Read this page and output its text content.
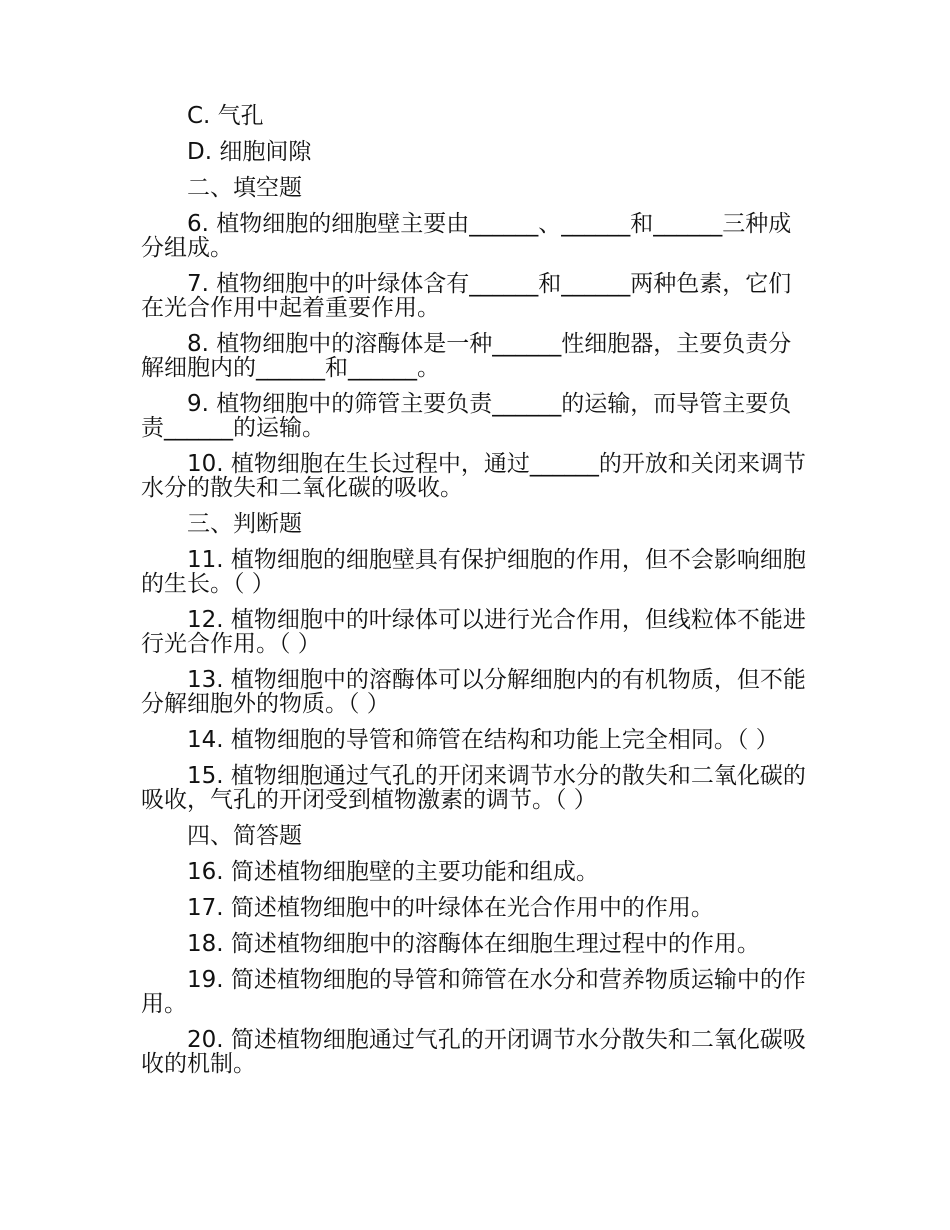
C. 气孔

D. 细胞间隙

二、填空题

6. 植物细胞的细胞壁主要由______、______和______三种成分组成。

7. 植物细胞中的叶绿体含有______和______两种色素，它们在光合作用中起着重要作用。

8. 植物细胞中的溶酶体是一种______性细胞器，主要负责分解细胞内的______和______。

9. 植物细胞中的筛管主要负责______的运输，而导管主要负责______的运输。

10. 植物细胞在生长过程中，通过______的开放和关闭来调节水分的散失和二氧化碳的吸收。

三、判断题

11. 植物细胞的细胞壁具有保护细胞的作用，但不会影响细胞的生长。（ ）

12. 植物细胞中的叶绿体可以进行光合作用，但线粒体不能进行光合作用。（ ）

13. 植物细胞中的溶酶体可以分解细胞内的有机物质，但不能分解细胞外的物质。（ ）

14. 植物细胞的导管和筛管在结构和功能上完全相同。（ ）

15. 植物细胞通过气孔的开闭来调节水分的散失和二氧化碳的吸收，气孔的开闭受到植物激素的调节。（ ）

四、简答题

16. 简述植物细胞壁的主要功能和组成。

17. 简述植物细胞中的叶绿体在光合作用中的作用。

18. 简述植物细胞中的溶酶体在细胞生理过程中的作用。

19. 简述植物细胞的导管和筛管在水分和营养物质运输中的作用。

20. 简述植物细胞通过气孔的开闭调节水分散失和二氧化碳吸收的机制。
